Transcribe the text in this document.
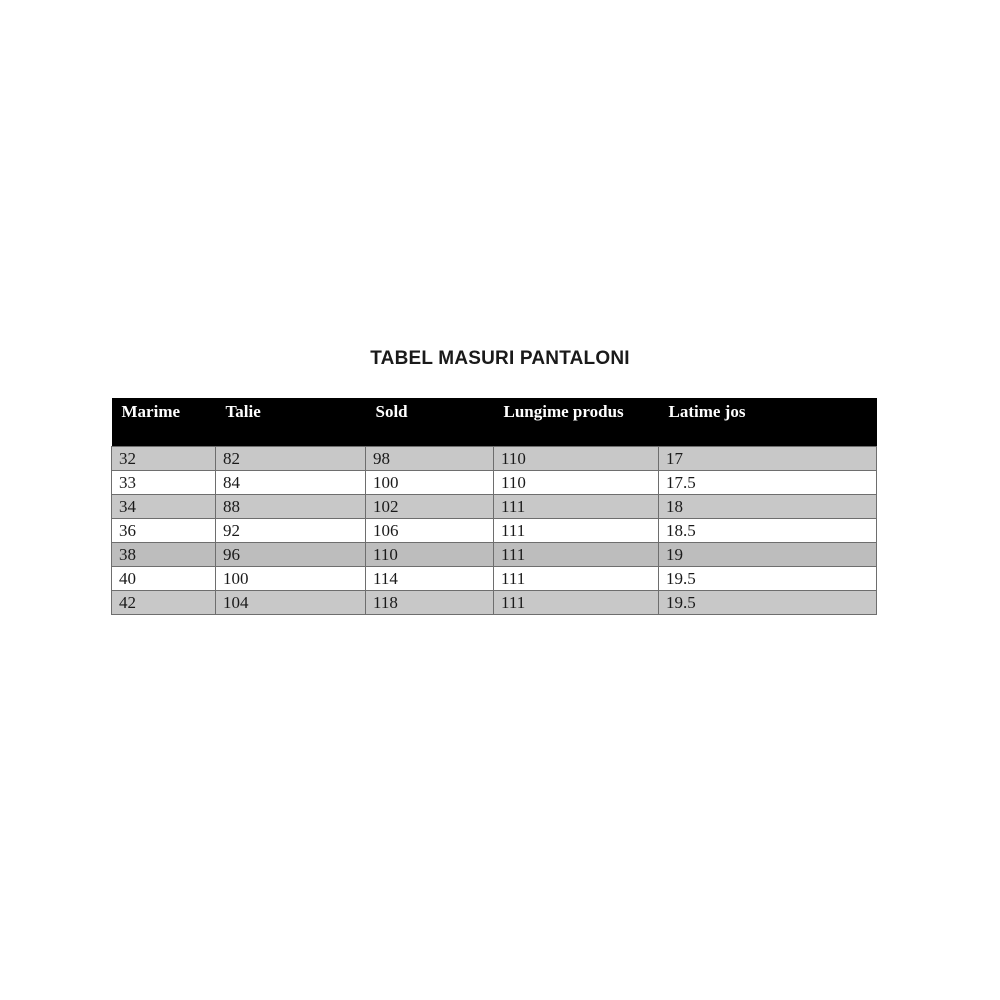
TABEL MASURI PANTALONI
Marime	Talie	Sold	Lungime produs	Latime jos
32	82	98	110	17
33	84	100	110	17.5
34	88	102	111	18
36	92	106	111	18.5
38	96	110	111	19
40	100	114	111	19.5
42	104	118	111	19.5
